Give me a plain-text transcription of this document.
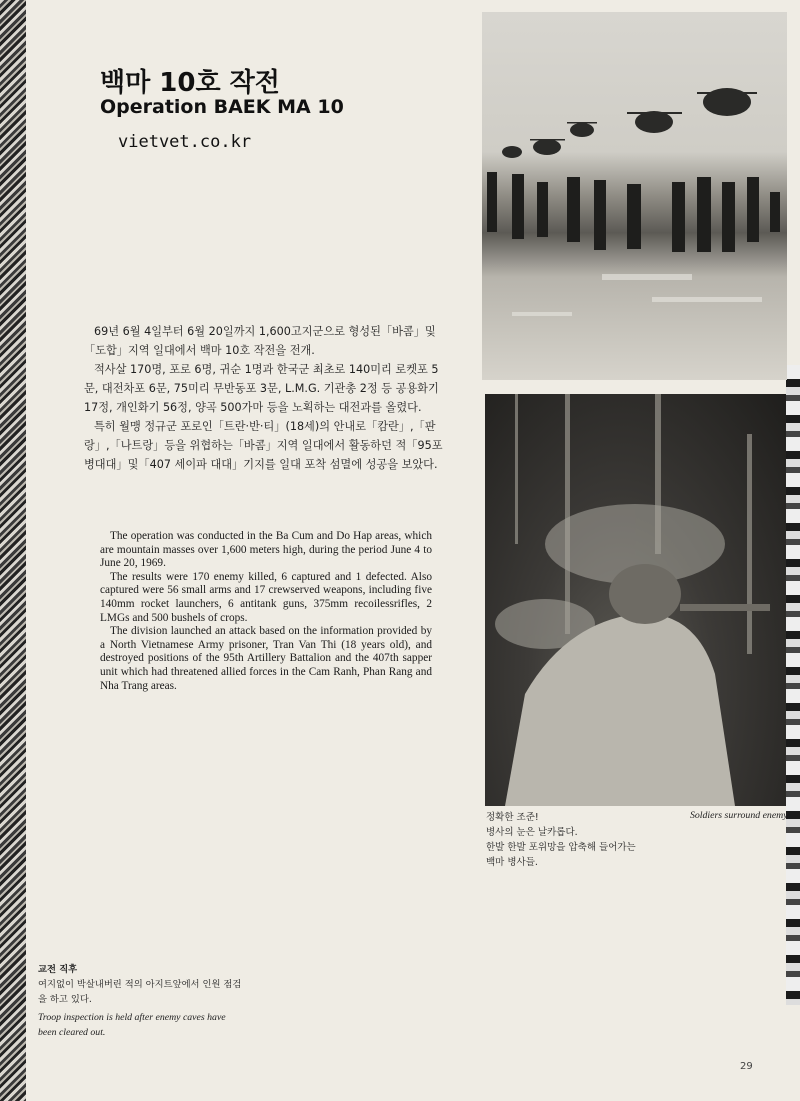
백마 10호 작전
Operation BAEK MA 10
vietvet.co.kr

69년 6월 4일부터 6월 20일까지 1,600고지군으로 형성된「바콤」및「도합」지역 일대에서 백마 10호 작전을 전개.

적사살 170명, 포로 6명, 귀순 1명과 한국군 최초로 140미리 로켓포 5문, 대전차포 6문, 75미리 무반동포 3문, L.M.G. 기관총 2정 등 공용화기 17정, 개인화기 56정, 양곡 500가마 등을 노획하는 대전과를 올렸다.

특히 월맹 정규군 포로인「트란·반·티」(18세)의 안내로「캄란」,「판랑」,「나트랑」등을 위협하는「바콤」지역 일대에서 활동하던 적「95포병대대」및「407 세이파 대대」기지를 일대 포착 섬멸에 성공을 보았다.

The operation was conducted in the Ba Cum and Do Hap areas, which are mountain masses over 1,600 meters high, during the period June 4 to June 20, 1969.

The results were 170 enemy killed, 6 captured and 1 defected. Also captured were 56 small arms and 17 crewserved weapons, including five 140mm rocket launchers, 6 antitank guns, 375mm recoilessrifles, 2 LMGs and 500 bushels of crops.

The division launched an attack based on the information provided by a North Vietnamese Army prisoner, Tran Van Thi (18 years old), and destroyed positions of the 95th Artillery Battalion and the 407th sapper unit which had threatened allied forces in the Cam Ranh, Phan Rang and Nha Trang areas.

정확한 조준!
병사의 눈은 날카롭다.
한발 한발 포위망을 압축해 들어가는
백마 병사들.
Soldiers surround enemy
교전 직후
여지없이 박살내버린 적의 아지트앞에서 인원 점검
을 하고 있다.
Troop inspection is held after enemy caves have
been cleared out.
29
